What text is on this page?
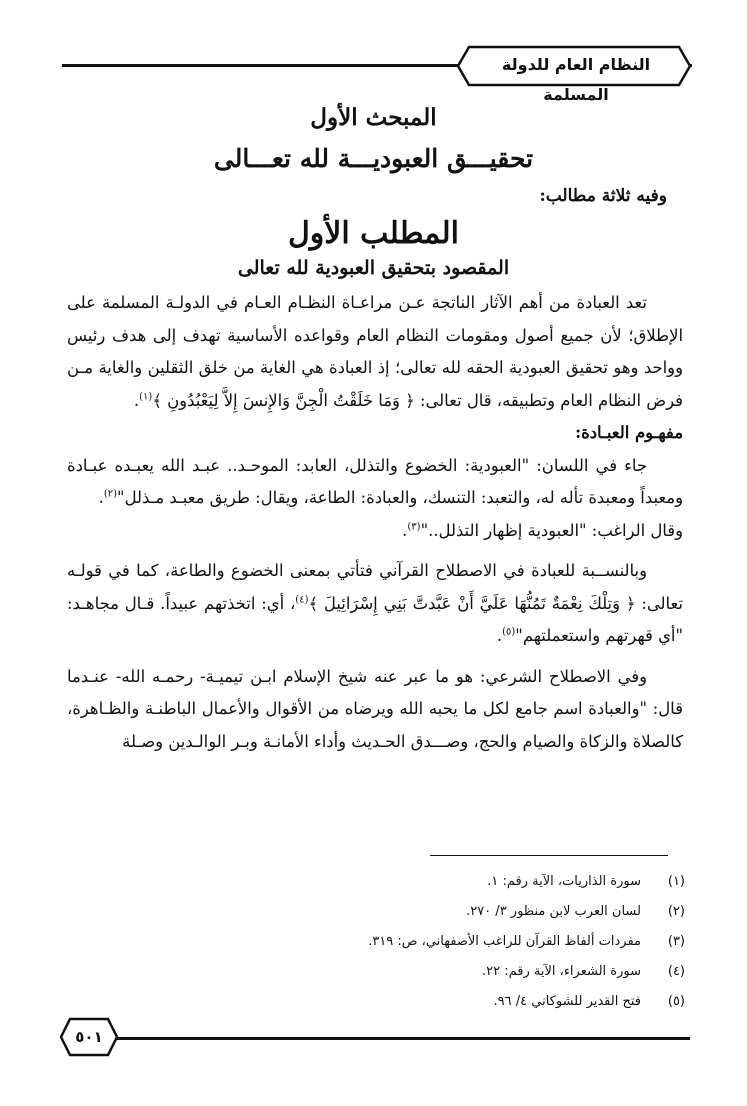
النظام العام للدولة المسلمة
المبحث الأول
تحقيـــق العبوديـــة لله تعـــالى
وفيه ثلاثة مطالب:
المطلب الأول
المقصود بتحقيق العبودية لله تعالى

تعد العبادة من أهم الآثار الناتجة عـن مراعـاة النظـام العـام في الدولـة المسلمة على الإطلاق؛ لأن جميع أصول ومقومات النظام العام وقواعده الأساسية تهدف إلى هدف رئيس وواحد وهو تحقيق العبودية الحقه لله تعالى؛ إذ العبادة هي الغاية من خلق الثقلين والغاية مـن فرض النظام العام وتطبيقه، قال تعالى: ﴿ وَمَا خَلَقْتُ الْجِنَّ وَالإِنسَ إِلاَّ لِيَعْبُدُونِ ﴾$^{(١)}$.

مفهـوم العبـادة:

جاء في اللسان: "العبودية: الخضوع والتذلل، العابد: الموحـد.. عبـد الله يعبـده عبـادة ومعبداً ومعبدة تأله له، والتعبد: التنسك، والعبادة: الطاعة، ويقال: طريق معبـد مـذلل"$^{(٢)}$.

وقال الراغب: "العبودية إظهار التذلل.."$^{(٣)}$.

وبالنســبة للعبادة في الاصطلاح القرآني فتأتي بمعنى الخضوع والطاعة، كما في قولـه تعالى: ﴿ وَتِلْكَ نِعْمَةٌ تَمُنُّهَا عَلَيَّ أَنْ عَبَّدتَّ بَنِي إِسْرَائِيلَ ﴾$^{(٤)}$، أي: اتخذتهم عبيداً. قـال مجاهـد: "أي قهرتهم واستعملتهم"$^{(٥)}$.

وفي الاصطلاح الشرعي: هو ما عبر عنه شيخ الإسلام ابـن تيميـة- رحمـه الله- عنـدما قال: "والعبادة اسم جامع لكل ما يحبه الله ويرضاه من الأقوال والأعمال الباطنـة والظـاهرة، كالصلاة والزكاة والصيام والحج، وصـــدق الحـديث وأداء الأمانـة وبـر الوالـدين وصـلة

(١)
سورة الذاريات، الآية رقم: ١.
(٢)
لسان العرب لابن منظور ٣/ ٢٧٠.
(٣)
مفردات ألفاظ القرآن للراغب الأصفهاني، ص: ٣١٩.
(٤)
سورة الشعراء، الآية رقم: ٢٢.
(٥)
فتح القدير للشوكاني ٤/ ٩٦.
٥٠١
